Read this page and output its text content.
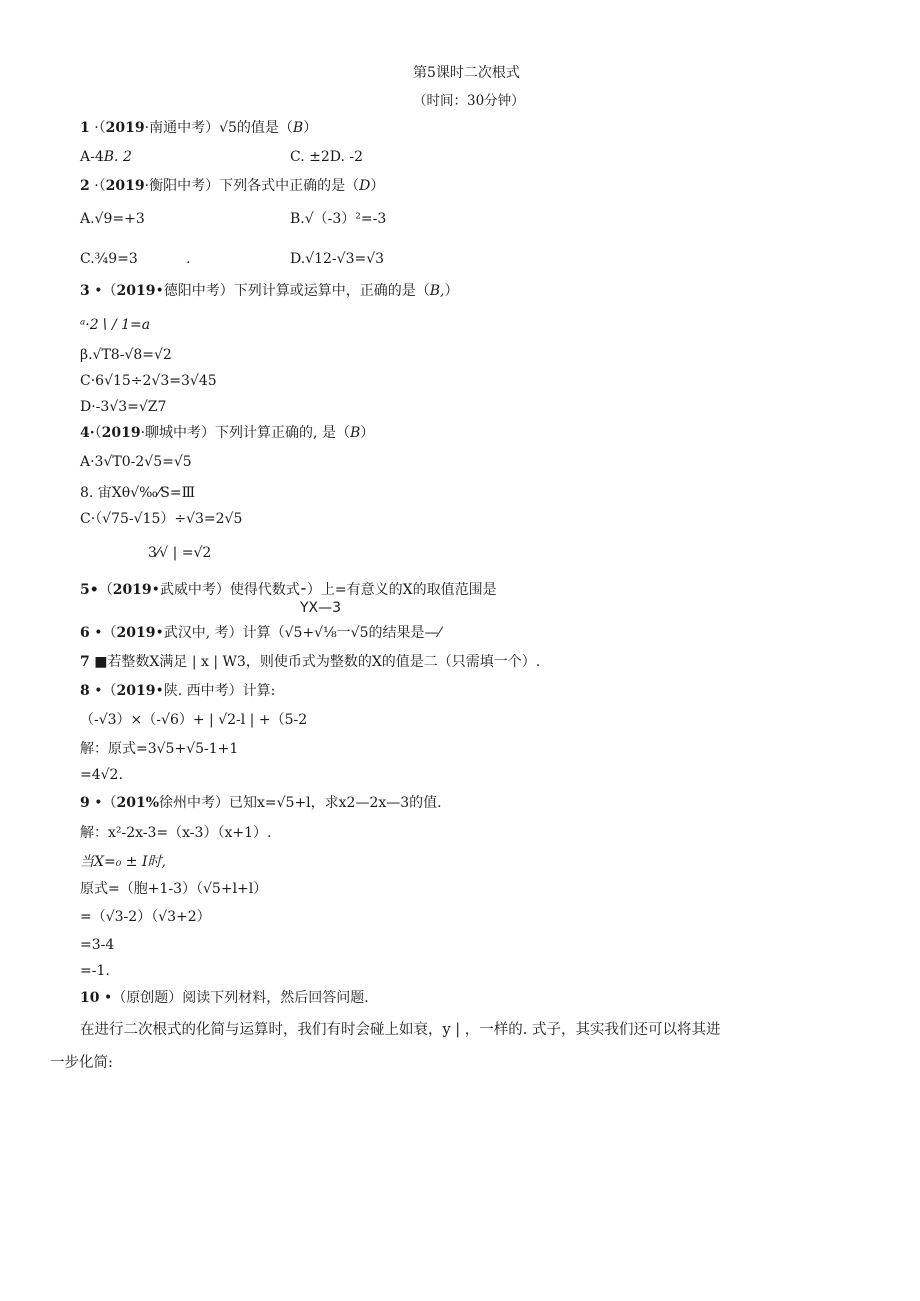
第5课时二次根式
（时间：30分钟）
1 ·（2019·南通中考）√5的值是（B）
A-4B. 2	C. ±2D. -2
2 ·（2019·衡阳中考）下列各式中正确的是（D）
A.√9=+3	B.√（-3）²=-3
C.¾9=3	.	D.√12-√3=√3
3 •（2019•德阳中考）下列计算或运算中，正确的是（B,）
ᵃ·2∖ / 1=a
β.√T8-√8=√2
C·6√15÷2√3=3√45
D·-3√3=√Z7
4·（2019·聊城中考）下列计算正确的, 是（B）
A·3√T0-2√5=√5
8. 宙Xθ√‰⁄S=Ⅲ
C·（√75-√15）÷√3=2√5
3⁄√ | =√2
5•（2019•武威中考）使得代数式⁃）上=有意义的X的取值范围是
YX—3
6 •（2019•武汉中, 考）计算（√5+√⅛一√5的结果是—⁄
7 ■若整数X满足 | x | W3，则使币式为整数的X的值是二（只需填一个）.
8 •（2019•陕. 西中考）计算:
（-√3）×（-√6）+ | √2-l | +（5-2
解：原式=3√5+√5-1+1
=4√2.
9 •（201%徐州中考）已知x=√5+l，求x2—2x—3的值.
解：x²-2x-3=（x-3）（x+1）.
当X=₀ ± I时,
原式=（胞+1-3）（√5+l+l）
=（√3-2）（√3+2）
=3-4
=-1.
10 •（原创题）阅读下列材料，然后回答问题.
在进行二次根式的化简与运算时，我们有时会碰上如衰，y | ，一样的. 式子，其实我们还可以将其进
一步化简:
